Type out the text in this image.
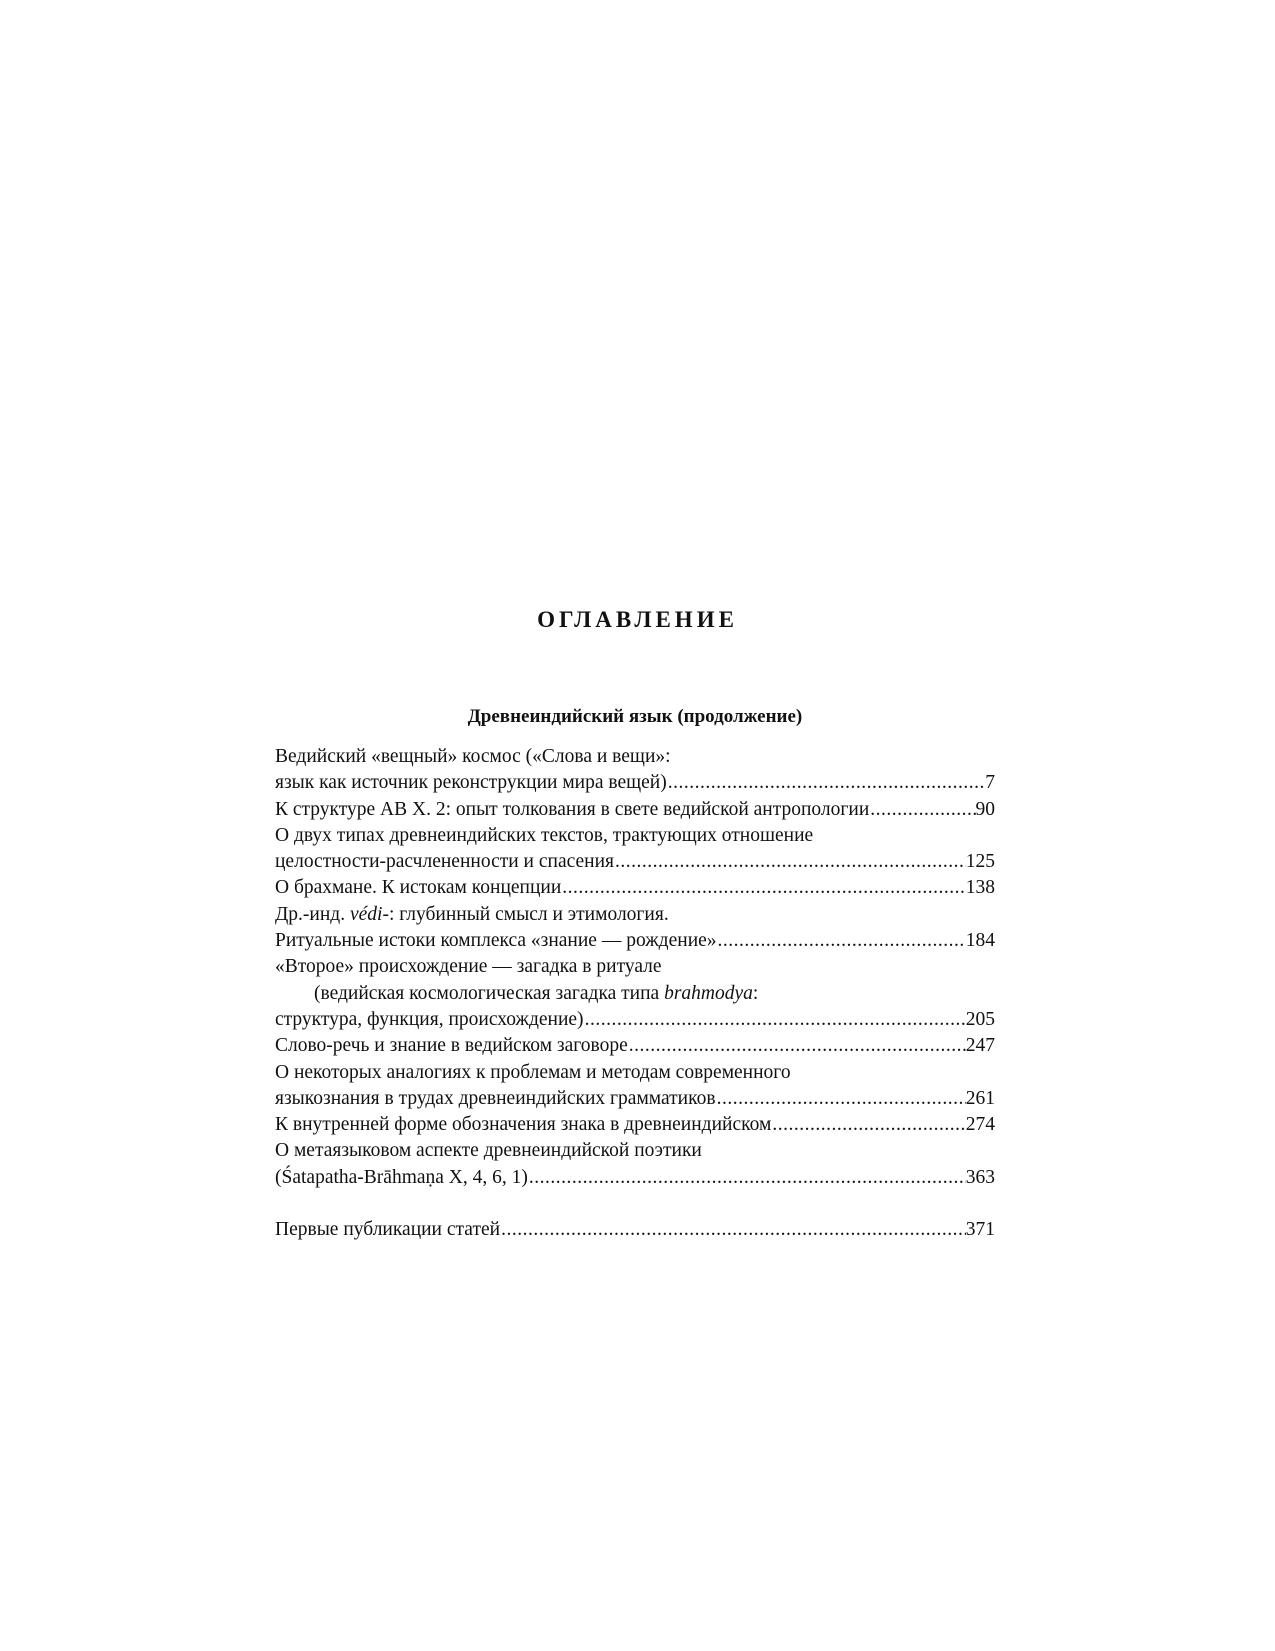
ОГЛАВЛЕНИЕ
Древнеиндийский язык (продолжение)
Ведийский «вещный» космос («Слова и вещи»:
язык как источник реконструкции мира вещей) .....	7
К структуре АВ X. 2: опыт толкования в свете ведийской антропологии .....	90
О двух типах древнеиндийских текстов, трактующих отношение
целостности-расчлененности и спасения .....	125
О брахмане. К истокам концепции .....	138
Др.-инд. védi-: глубинный смысл и этимология.
Ритуальные истоки комплекса «знание — рождение» .....	184
«Второе» происхождение — загадка в ритуале
(ведийская космологическая загадка типа brahmodya:
структура, функция, происхождение) .....	205
Слово-речь и знание в ведийском заговоре .....	247
О некоторых аналогиях к проблемам и методам современного
языкознания в трудах древнеиндийских грамматиков .....	261
К внутренней форме обозначения знака в древнеиндийском .....	274
О метаязыковом аспекте древнеиндийской поэтики
(Śatapatha-Brāhmaṇa X, 4, 6, 1) .....	363
Первые публикации статей .....	371
